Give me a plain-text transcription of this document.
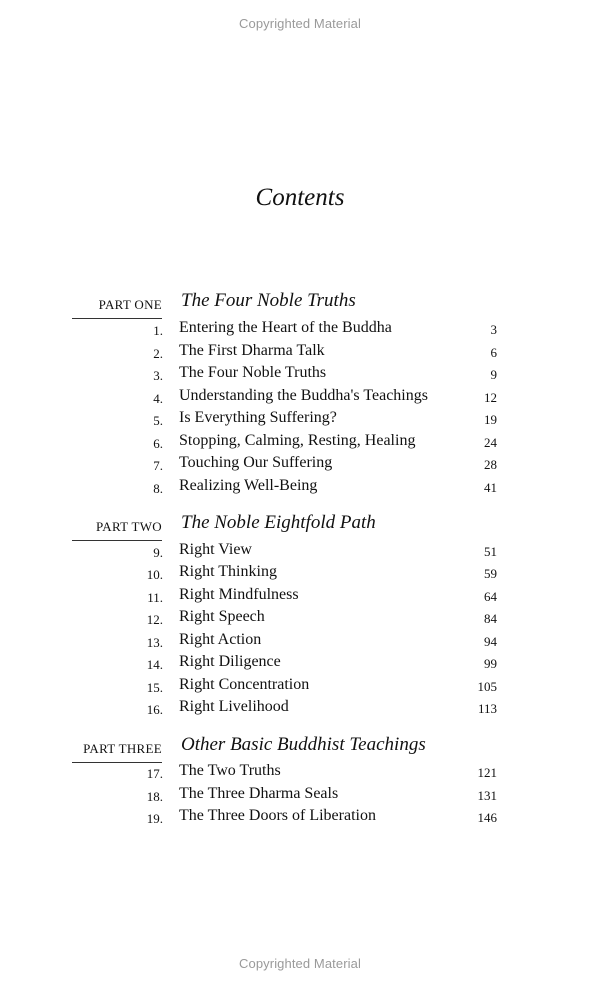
Copyrighted Material
Contents
PART ONE The Four Noble Truths
1. Entering the Heart of the Buddha	3
2. The First Dharma Talk	6
3. The Four Noble Truths	9
4. Understanding the Buddha's Teachings	12
5. Is Everything Suffering?	19
6. Stopping, Calming, Resting, Healing	24
7. Touching Our Suffering	28
8. Realizing Well-Being	41
PART TWO The Noble Eightfold Path
9. Right View	51
10. Right Thinking	59
11. Right Mindfulness	64
12. Right Speech	84
13. Right Action	94
14. Right Diligence	99
15. Right Concentration	105
16. Right Livelihood	113
PART THREE Other Basic Buddhist Teachings
17. The Two Truths	121
18. The Three Dharma Seals	131
19. The Three Doors of Liberation	146
Copyrighted Material
